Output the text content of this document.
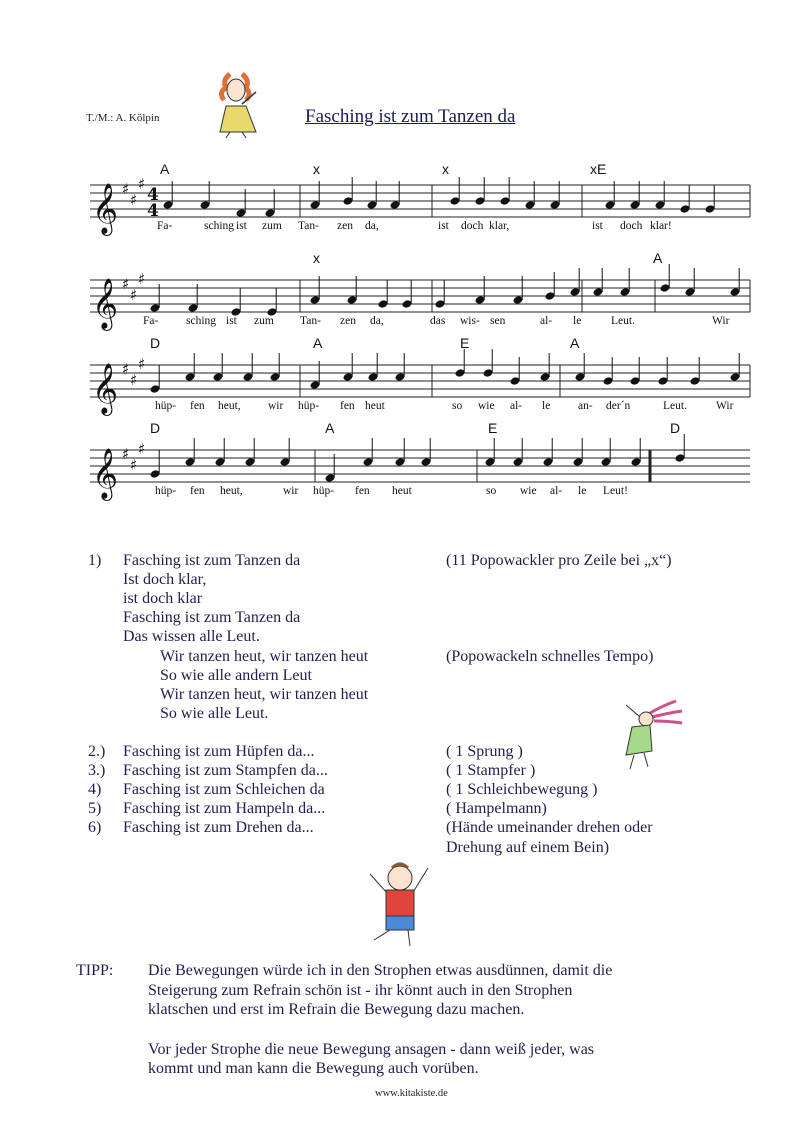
T./M.: A. Kölpin	Fasching ist zum Tanzen da
A	x	x	xE
𝄞 ♯
♯
♯
4
4
Fa-	sching ist zum Tan- zen da,	ist doch klar,	ist doch klar!
x	A
𝄞 ♯
♯
♯
Fa- sching ist zum Tan- zen da,	das wis- sen	al- le	Leut.	Wir
D	A	E	A
𝄞 ♯
♯
♯
hüp- fen heut, wir hüp- fen heut	so wie al- le an- der´n	Leut.	Wir
D	A	E	D
𝄞 ♯
♯
♯
hüp- fen heut,	wir hüp- fen heut	so wie al- le Leut!
1) Fasching ist zum Tanzen da
Ist doch klar,
ist doch klar
Fasching ist zum Tanzen da
Das wissen alle Leut.
Wir tanzen heut, wir tanzen heut
So wie alle andern Leut
Wir tanzen heut, wir tanzen heut
So wie alle Leut.
(11 Popowackler pro Zeile bei „x“)
(Popowackeln schnelles Tempo)
2.) Fasching ist zum Hüpfen da...	( 1 Sprung )
3.) Fasching ist zum Stampfen da...	( 1 Stampfer )
4) Fasching ist zum Schleichen da	( 1 Schleichbewegung )
5) Fasching ist zum Hampeln da...	( Hampelmann)
6) Fasching ist zum Drehen da...	(Hände umeinander drehen oder
Drehung auf einem Bein)
TIPP: Die Bewegungen würde ich in den Strophen etwas ausdünnen, damit die
Steigerung zum Refrain schön ist - ihr könnt auch in den Strophen
klatschen und erst im Refrain die Bewegung dazu machen.
Vor jeder Strophe die neue Bewegung ansagen - dann weiß jeder, was
kommt und man kann die Bewegung auch vorüben.
www.kitakiste.de
